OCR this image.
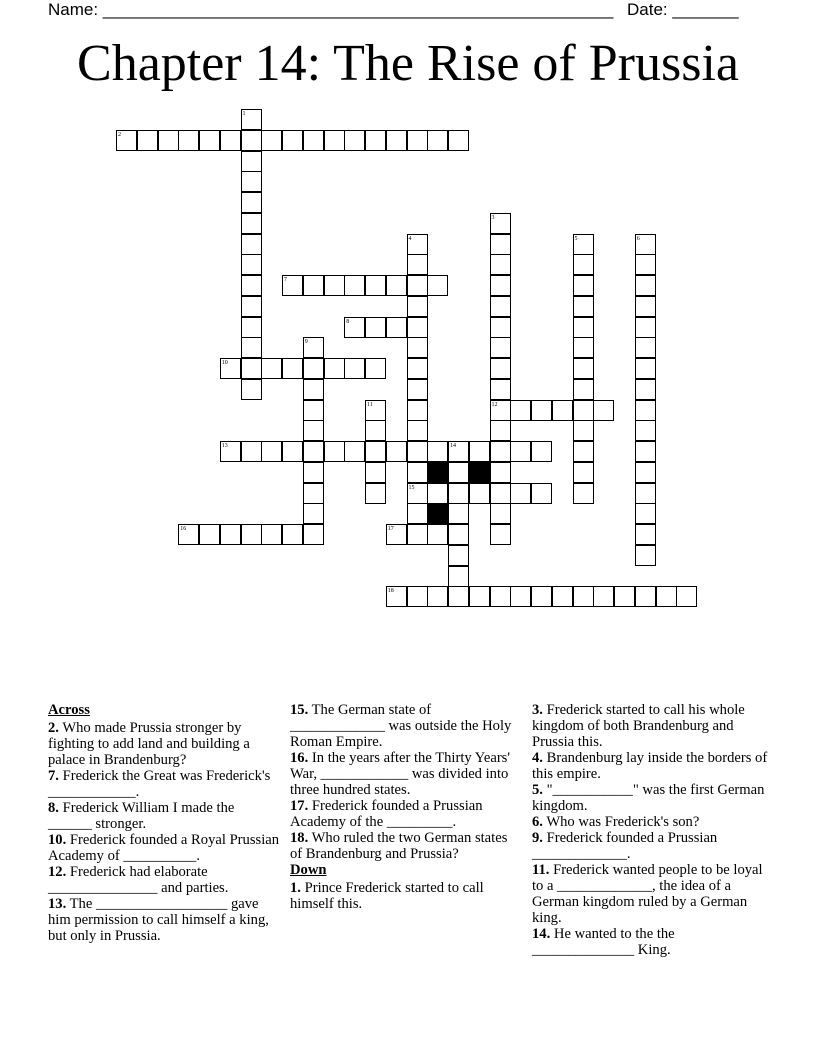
Name: ______________________________________________________ Date: _______
Chapter 14: The Rise of Prussia
1
2
3
4	5	6
7
8
9
10
11	12
13	14
15
16	17
18
Across
2. Who made Prussia stronger by fighting to add land and building a palace in Brandenburg?
7. Frederick the Great was Frederick's ____________.
8. Frederick William I made the ______ stronger.
10. Frederick founded a Royal Prussian Academy of __________.
12. Frederick had elaborate _______________ and parties.
13. The __________________ gave him permission to call himself a king, but only in Prussia.
15. The German state of _____________ was outside the Holy Roman Empire.
16. In the years after the Thirty Years' War, ____________ was divided into three hundred states.
17. Frederick founded a Prussian Academy of the _________.
18. Who ruled the two German states of Brandenburg and Prussia?
Down
1. Prince Frederick started to call himself this.
3. Frederick started to call his whole kingdom of both Brandenburg and Prussia this.
4. Brandenburg lay inside the borders of this empire.
5. "___________" was the first German kingdom.
6. Who was Frederick's son?
9. Frederick founded a Prussian _____________.
11. Frederick wanted people to be loyal to a _____________, the idea of a German kingdom ruled by a German king.
14. He wanted to the the ______________ King.
